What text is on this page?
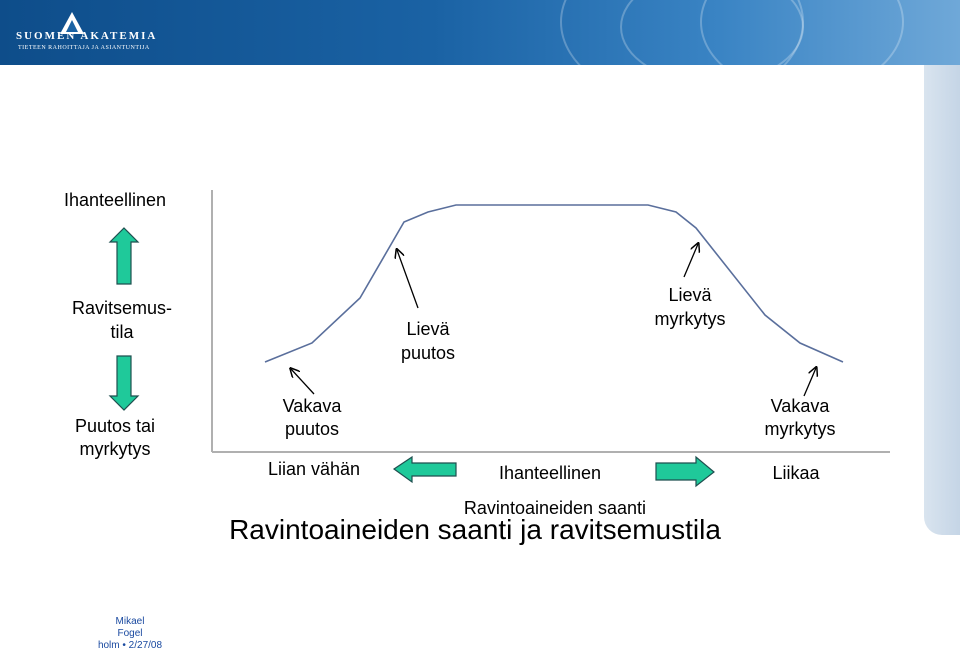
SUOMEN AKATEMIA
TIETEEN RAHOITTAJA JA ASIANTUNTIJA
Ihanteellinen
Ravitsemus-
tila
Puutos tai
myrkytys
Lievä
puutos
Lievä
myrkytys
Vakava
puutos
Vakava
myrkytys
Liian vähän	Ihanteellinen	Liikaa
Ravintoaineiden saanti
Ravintoaineiden saanti ja ravitsemustila
Mikael
Fogel
holm • 2/27/08
